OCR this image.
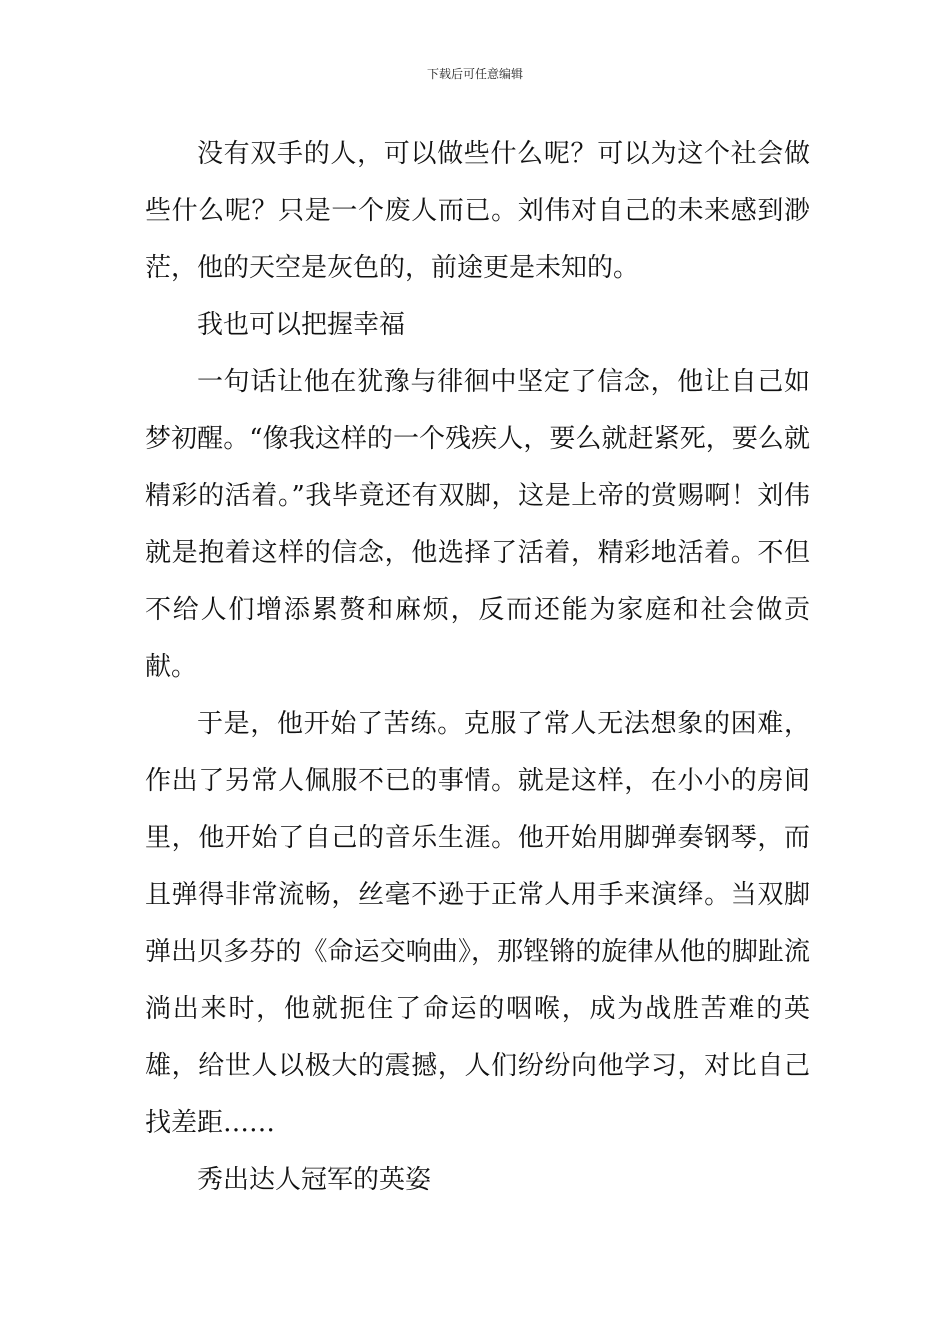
下载后可任意编辑

没有双手的人，可以做些什么呢？可以为这个社会做些什么呢？只是一个废人而已。刘伟对自己的未来感到渺茫，他的天空是灰色的，前途更是未知的。

我也可以把握幸福

一句话让他在犹豫与徘徊中坚定了信念，他让自己如梦初醒。“像我这样的一个残疾人，要么就赶紧死，要么就精彩的活着。”我毕竟还有双脚，这是上帝的赏赐啊！刘伟就是抱着这样的信念，他选择了活着，精彩地活着。不但不给人们增添累赘和麻烦，反而还能为家庭和社会做贡献。

于是，他开始了苦练。克服了常人无法想象的困难，作出了另常人佩服不已的事情。就是这样，在小小的房间里，他开始了自己的音乐生涯。他开始用脚弹奏钢琴，而且弹得非常流畅，丝毫不逊于正常人用手来演绎。当双脚弹出贝多芬的《命运交响曲》，那铿锵的旋律从他的脚趾流淌出来时，他就扼住了命运的咽喉，成为战胜苦难的英雄，给世人以极大的震撼，人们纷纷向他学习，对比自己找差距……

秀出达人冠军的英姿
